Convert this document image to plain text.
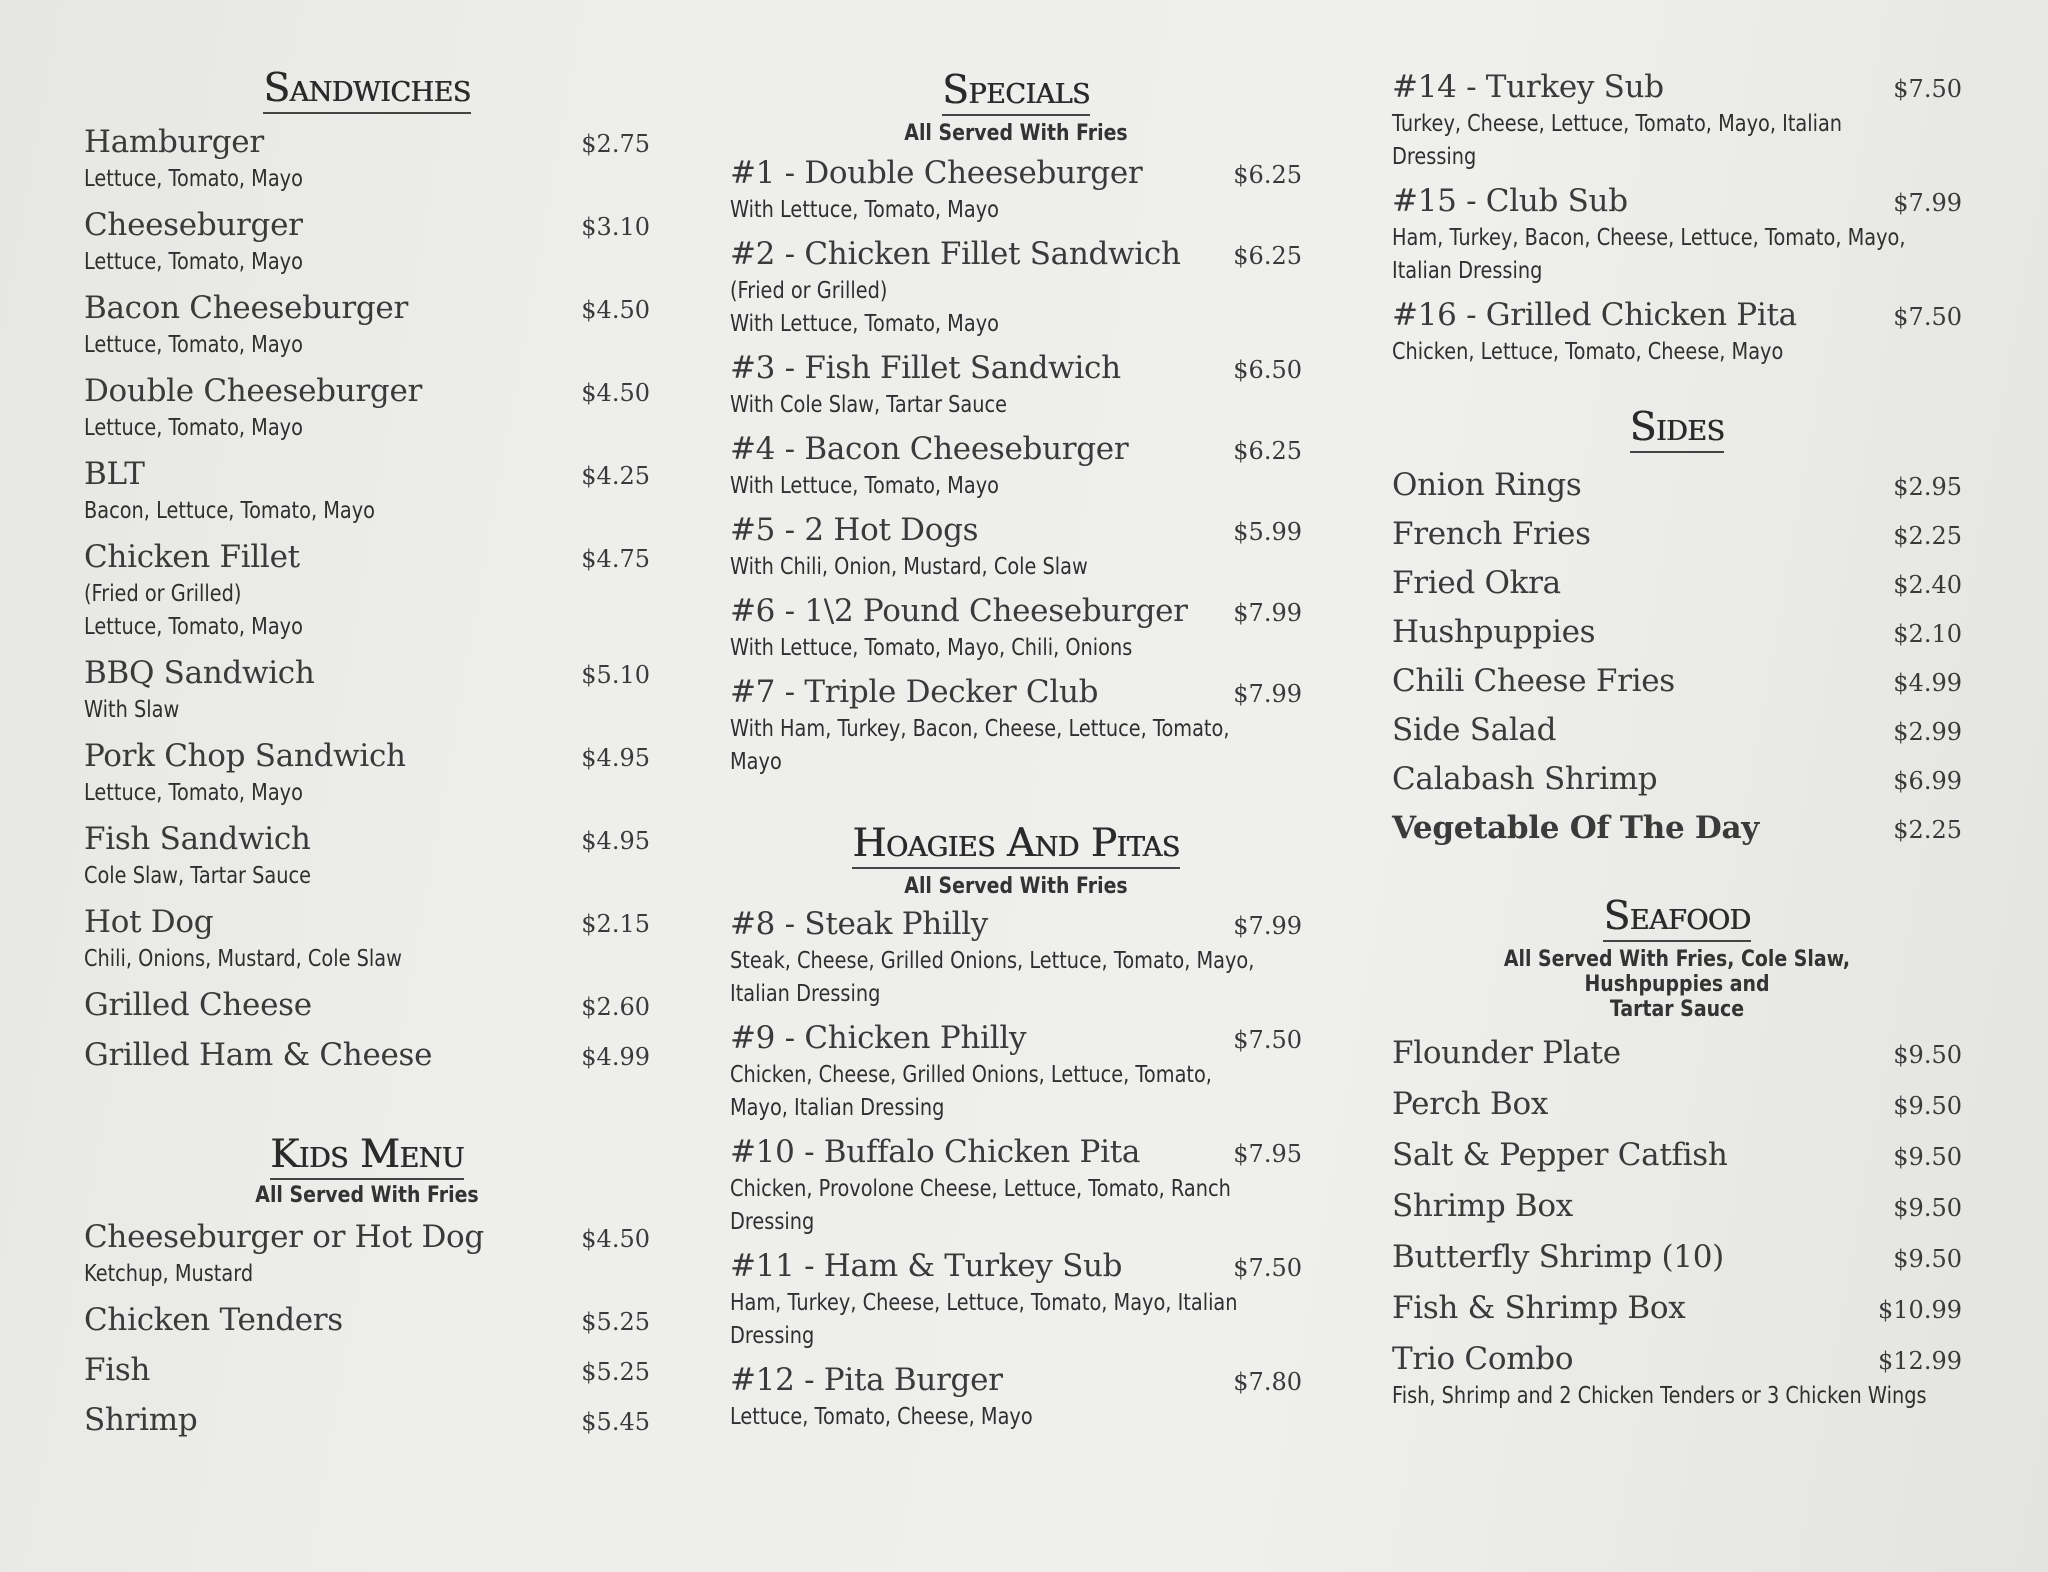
Sandwiches
Hamburger	$2.75
Lettuce, Tomato, Mayo
Cheeseburger	$3.10
Lettuce, Tomato, Mayo
Bacon Cheeseburger	$4.50
Lettuce, Tomato, Mayo
Double Cheeseburger	$4.50
Lettuce, Tomato, Mayo
BLT	$4.25
Bacon, Lettuce, Tomato, Mayo
Chicken Fillet	$4.75
(Fried or Grilled)
Lettuce, Tomato, Mayo
BBQ Sandwich	$5.10
With Slaw
Pork Chop Sandwich	$4.95
Lettuce, Tomato, Mayo
Fish Sandwich	$4.95
Cole Slaw, Tartar Sauce
Hot Dog	$2.15
Chili, Onions, Mustard, Cole Slaw
Grilled Cheese	$2.60
Grilled Ham & Cheese	$4.99
Kids Menu

All Served With Fries

Cheeseburger or Hot Dog	$4.50
Ketchup, Mustard
Chicken Tenders	$5.25
Fish	$5.25
Shrimp	$5.45
Specials

All Served With Fries

#1 - Double Cheeseburger	$6.25
With Lettuce, Tomato, Mayo
#2 - Chicken Fillet Sandwich $6.25
(Fried or Grilled)
With Lettuce, Tomato, Mayo
#3 - Fish Fillet Sandwich	$6.50
With Cole Slaw, Tartar Sauce
#4 - Bacon Cheeseburger	$6.25
With Lettuce, Tomato, Mayo
#5 - 2 Hot Dogs	$5.99
With Chili, Onion, Mustard, Cole Slaw
#6 - 1\2 Pound Cheeseburger $7.99
With Lettuce, Tomato, Mayo, Chili, Onions
#7 - Triple Decker Club	$7.99
With Ham, Turkey, Bacon, Cheese, Lettuce, Tomato,
Mayo
Hoagies And Pitas

All Served With Fries

#8 - Steak Philly	$7.99
Steak, Cheese, Grilled Onions, Lettuce, Tomato, Mayo,
Italian Dressing
#9 - Chicken Philly	$7.50
Chicken, Cheese, Grilled Onions, Lettuce, Tomato,
Mayo, Italian Dressing
#10 - Buffalo Chicken Pita	$7.95
Chicken, Provolone Cheese, Lettuce, Tomato, Ranch
Dressing
#11 - Ham & Turkey Sub	$7.50
Ham, Turkey, Cheese, Lettuce, Tomato, Mayo, Italian
Dressing
#12 - Pita Burger	$7.80
Lettuce, Tomato, Cheese, Mayo
#14 - Turkey Sub	$7.50
Turkey, Cheese, Lettuce, Tomato, Mayo, Italian
Dressing
#15 - Club Sub	$7.99
Ham, Turkey, Bacon, Cheese, Lettuce, Tomato, Mayo,
Italian Dressing
#16 - Grilled Chicken Pita	$7.50
Chicken, Lettuce, Tomato, Cheese, Mayo
Sides
Onion Rings	$2.95
French Fries	$2.25
Fried Okra	$2.40
Hushpuppies	$2.10
Chili Cheese Fries	$4.99
Side Salad	$2.99
Calabash Shrimp	$6.99
Vegetable Of The Day	$2.25
Seafood

All Served With Fries, Cole Slaw, Hushpuppies and

Tartar Sauce

Flounder Plate	$9.50
Perch Box	$9.50
Salt & Pepper Catfish	$9.50
Shrimp Box	$9.50
Butterfly Shrimp (10)	$9.50
Fish & Shrimp Box	$10.99
Trio Combo	$12.99
Fish, Shrimp and 2 Chicken Tenders or 3 Chicken Wings
